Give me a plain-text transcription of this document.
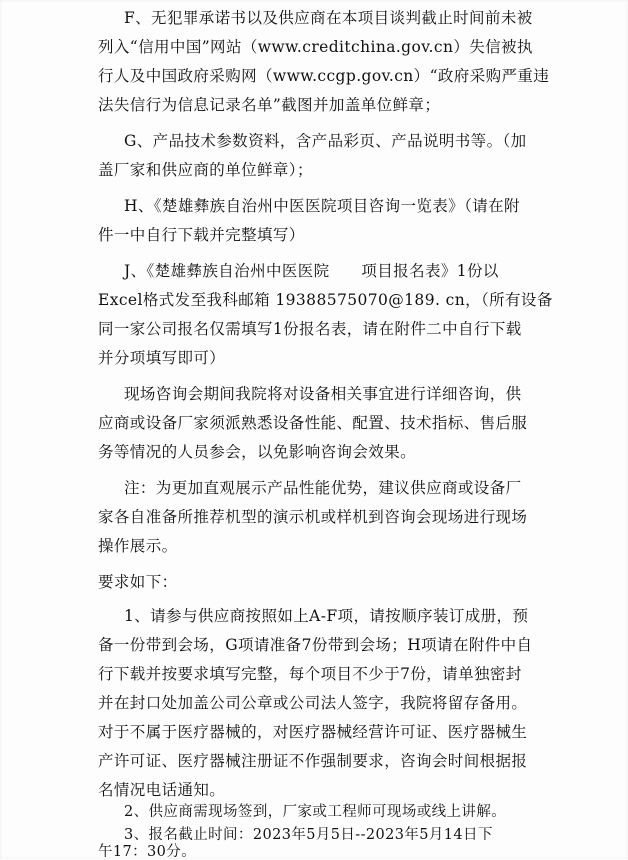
F、无犯罪承诺书以及供应商在本项目谈判截止时间前未被
列入“信用中国”网站（www.creditchina.gov.cn）失信被执
行人及中国政府采购网（www.ccgp.gov.cn）“政府采购严重违
法失信行为信息记录名单”截图并加盖单位鲜章；
G、产品技术参数资料，含产品彩页、产品说明书等。（加
盖厂家和供应商的单位鲜章）；
H、《楚雄彝族自治州中医医院项目咨询一览表》（请在附
件一中自行下载并完整填写）
J、《楚雄彝族自治州中医医院　　项目报名表》1份以
Excel格式发至我科邮箱 19388575070@189. cn，（所有设备
同一家公司报名仅需填写1份报名表，请在附件二中自行下载
并分项填写即可）
现场咨询会期间我院将对设备相关事宜进行详细咨询，供
应商或设备厂家须派熟悉设备性能、配置、技术指标、售后服
务等情况的人员参会，以免影响咨询会效果。
注：为更加直观展示产品性能优势，建议供应商或设备厂
家各自准备所推荐机型的演示机或样机到咨询会现场进行现场
操作展示。
要求如下：
1、请参与供应商按照如上A-F项，请按顺序装订成册，预
备一份带到会场，G项请准备7份带到会场；H项请在附件中自
行下载并按要求填写完整，每个项目不少于7份，请单独密封
并在封口处加盖公司公章或公司法人签字，我院将留存备用。
对于不属于医疗器械的，对医疗器械经营许可证、医疗器械生
产许可证、医疗器械注册证不作强制要求，咨询会时间根据报
名情况电话通知。
2、供应商需现场签到，厂家或工程师可现场或线上讲解。
3、报名截止时间：2023年5月5日--2023年5月14日下
午17：30分。
